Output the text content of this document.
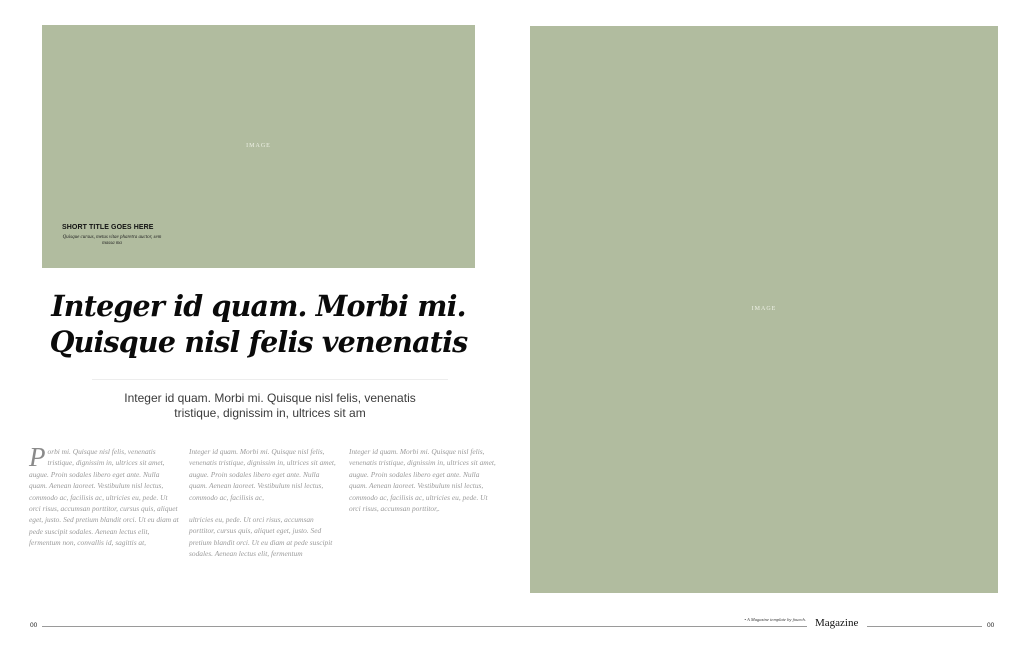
IMAGE
SHORT TITLE GOES HERE
Quisque cursus, metus vitae pharetra auctor, sem massa ma
IMAGE
Integer id quam. Morbi mi. Quisque nisl felis venenatis
Integer id quam. Morbi mi. Quisque nisl felis, venenatis tristique, dignissim in, ultrices sit am

Porbi mi. Quisque nisl felis, venenatis tristique, dignissim in, ultrices sit amet, augue. Proin sodales libero eget ante. Nulla quam. Aenean laoreet. Vestibulum nisl lectus, commodo ac, facilisis ac, ultricies eu, pede. Ut orci risus, accumsan porttitor, cursus quis, aliquet eget, justo. Sed pretium blandit orci. Ut eu diam at pede suscipit sodales. Aenean lectus elit, fermentum non, convallis id, sagittis at,

Integer id quam. Morbi mi. Quisque nisl felis, venenatis tristique, dignissim in, ultrices sit amet, augue. Proin sodales libero eget ante. Nulla quam. Aenean laoreet. Vestibulum nisl lectus, commodo ac, facilisis ac,

ultricies eu, pede. Ut orci risus, accumsan porttitor, cursus quis, aliquet eget, justo. Sed pretium blandit orci. Ut eu diam at pede suscipit sodales. Aenean lectus elit, fermentum

Integer id quam. Morbi mi. Quisque nisl felis, venenatis tristique, dignissim in, ultrices sit amet, augue. Proin sodales libero eget ante. Nulla quam. Aenean laoreet. Vestibulum nisl lectus, commodo ac, facilisis ac, ultricies eu, pede. Ut orci risus, accumsan porttitor,.

00	00
• A Magazine template by fouech. Magazine
